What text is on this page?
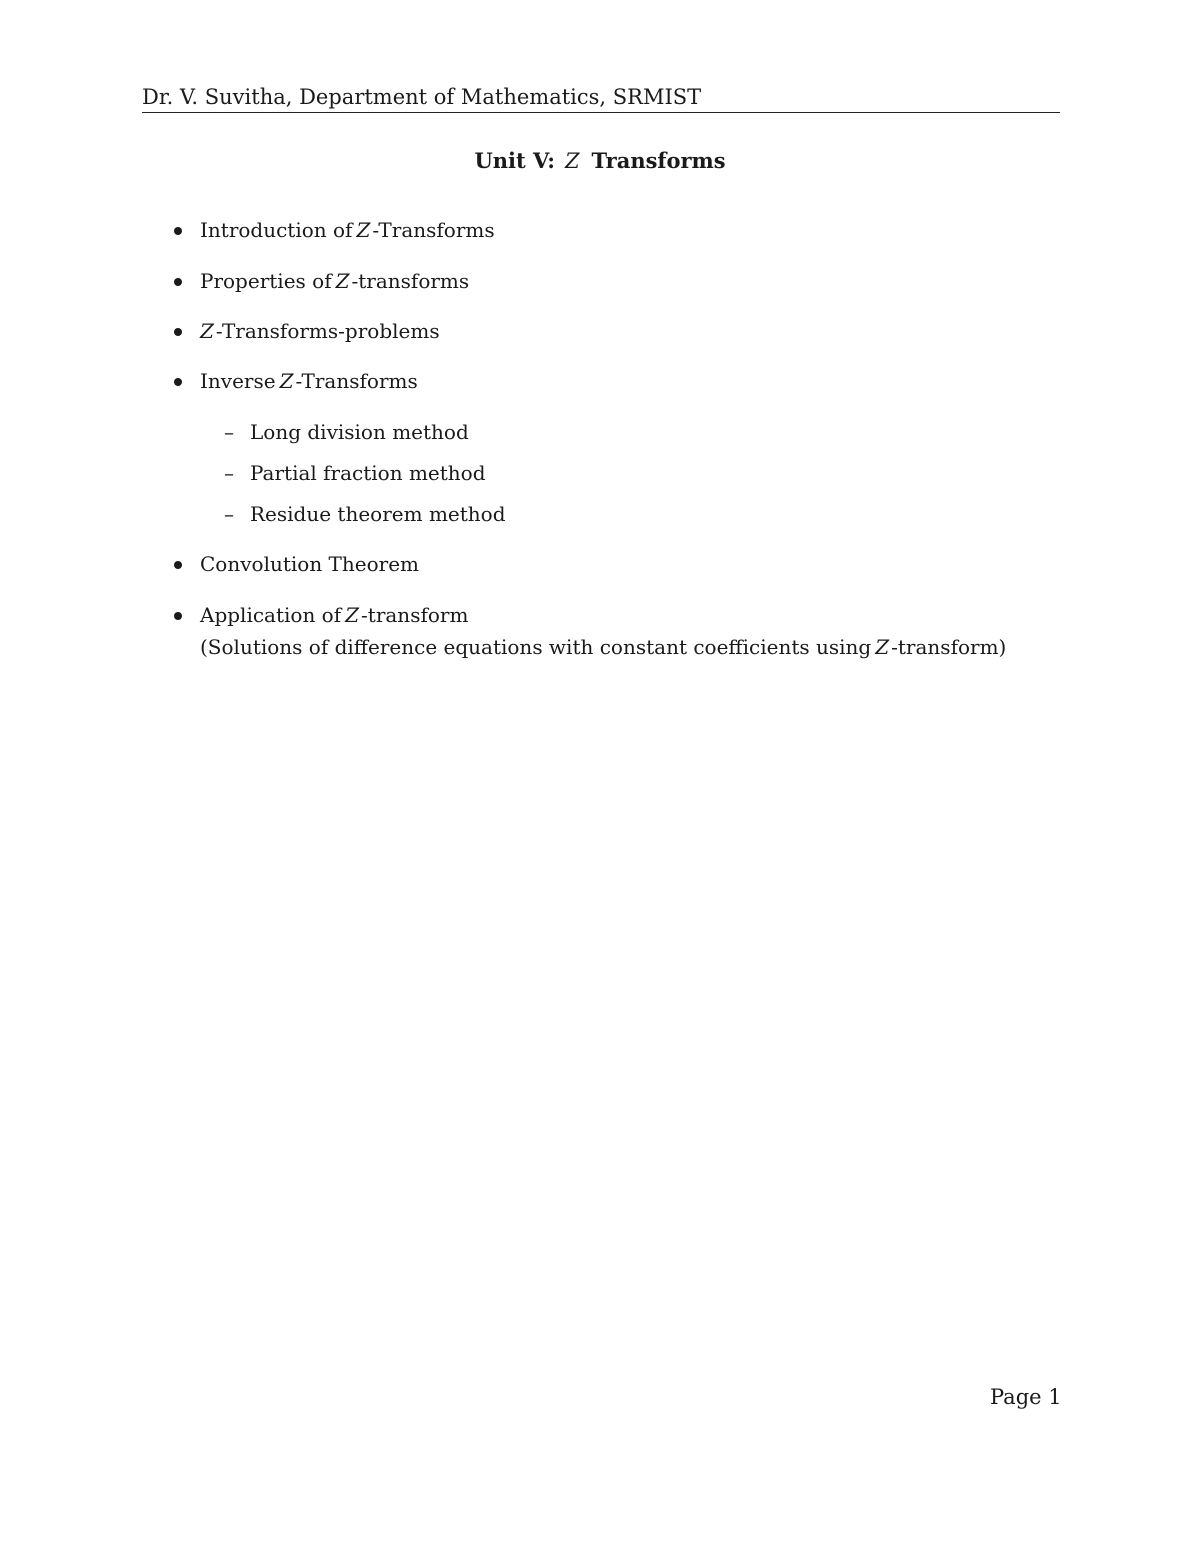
Dr. V. Suvitha, Department of Mathematics, SRMIST
Unit V: Z Transforms
Introduction of Z -Transforms
Properties of Z -transforms
Z -Transforms-problems
Inverse Z -Transforms
– Long division method
– Partial fraction method
– Residue theorem method
Convolution Theorem
Application of Z -transform
(Solutions of difference equations with constant coefficients using Z -transform)
Page 1
